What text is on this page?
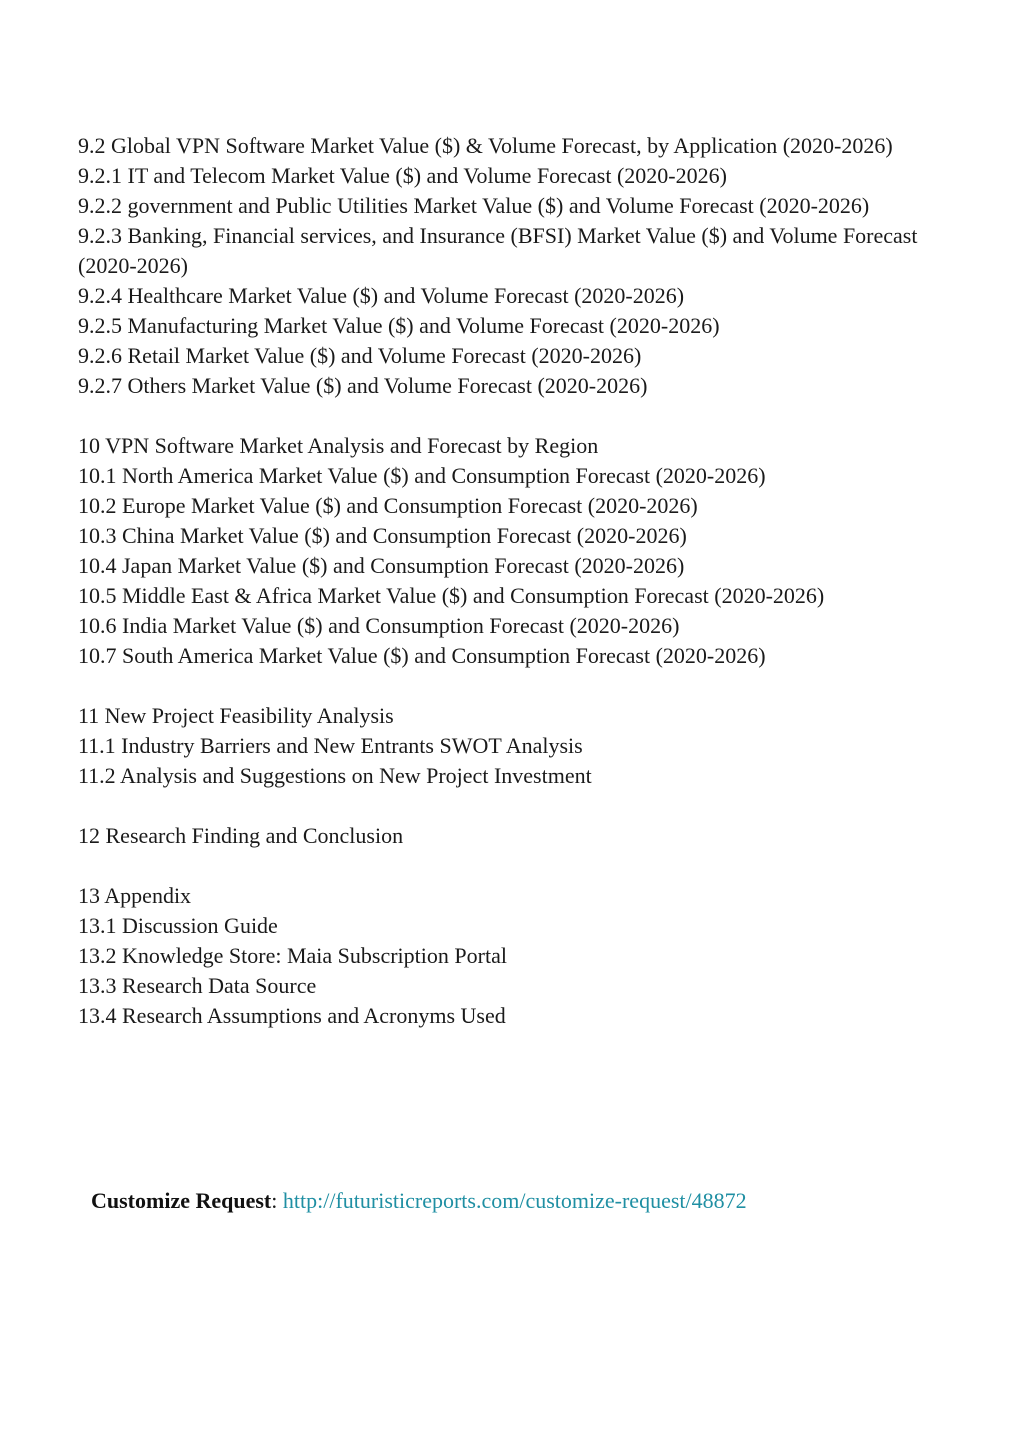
9.2 Global VPN Software Market Value ($) & Volume Forecast, by Application (2020-2026)
9.2.1 IT and Telecom Market Value ($) and Volume Forecast (2020-2026)
9.2.2 government and Public Utilities Market Value ($) and Volume Forecast (2020-2026)
9.2.3 Banking, Financial services, and Insurance (BFSI) Market Value ($) and Volume Forecast (2020-2026)
9.2.4 Healthcare Market Value ($) and Volume Forecast (2020-2026)
9.2.5 Manufacturing Market Value ($) and Volume Forecast (2020-2026)
9.2.6 Retail Market Value ($) and Volume Forecast (2020-2026)
9.2.7 Others Market Value ($) and Volume Forecast (2020-2026)
10 VPN Software Market Analysis and Forecast by Region
10.1 North America Market Value ($) and Consumption Forecast (2020-2026)
10.2 Europe Market Value ($) and Consumption Forecast (2020-2026)
10.3 China Market Value ($) and Consumption Forecast (2020-2026)
10.4 Japan Market Value ($) and Consumption Forecast (2020-2026)
10.5 Middle East & Africa Market Value ($) and Consumption Forecast (2020-2026)
10.6 India Market Value ($) and Consumption Forecast (2020-2026)
10.7 South America Market Value ($) and Consumption Forecast (2020-2026)
11 New Project Feasibility Analysis
11.1 Industry Barriers and New Entrants SWOT Analysis
11.2 Analysis and Suggestions on New Project Investment
12 Research Finding and Conclusion
13 Appendix
13.1 Discussion Guide
13.2 Knowledge Store: Maia Subscription Portal
13.3 Research Data Source
13.4 Research Assumptions and Acronyms Used
Customize Request: http://futuristicreports.com/customize-request/48872
